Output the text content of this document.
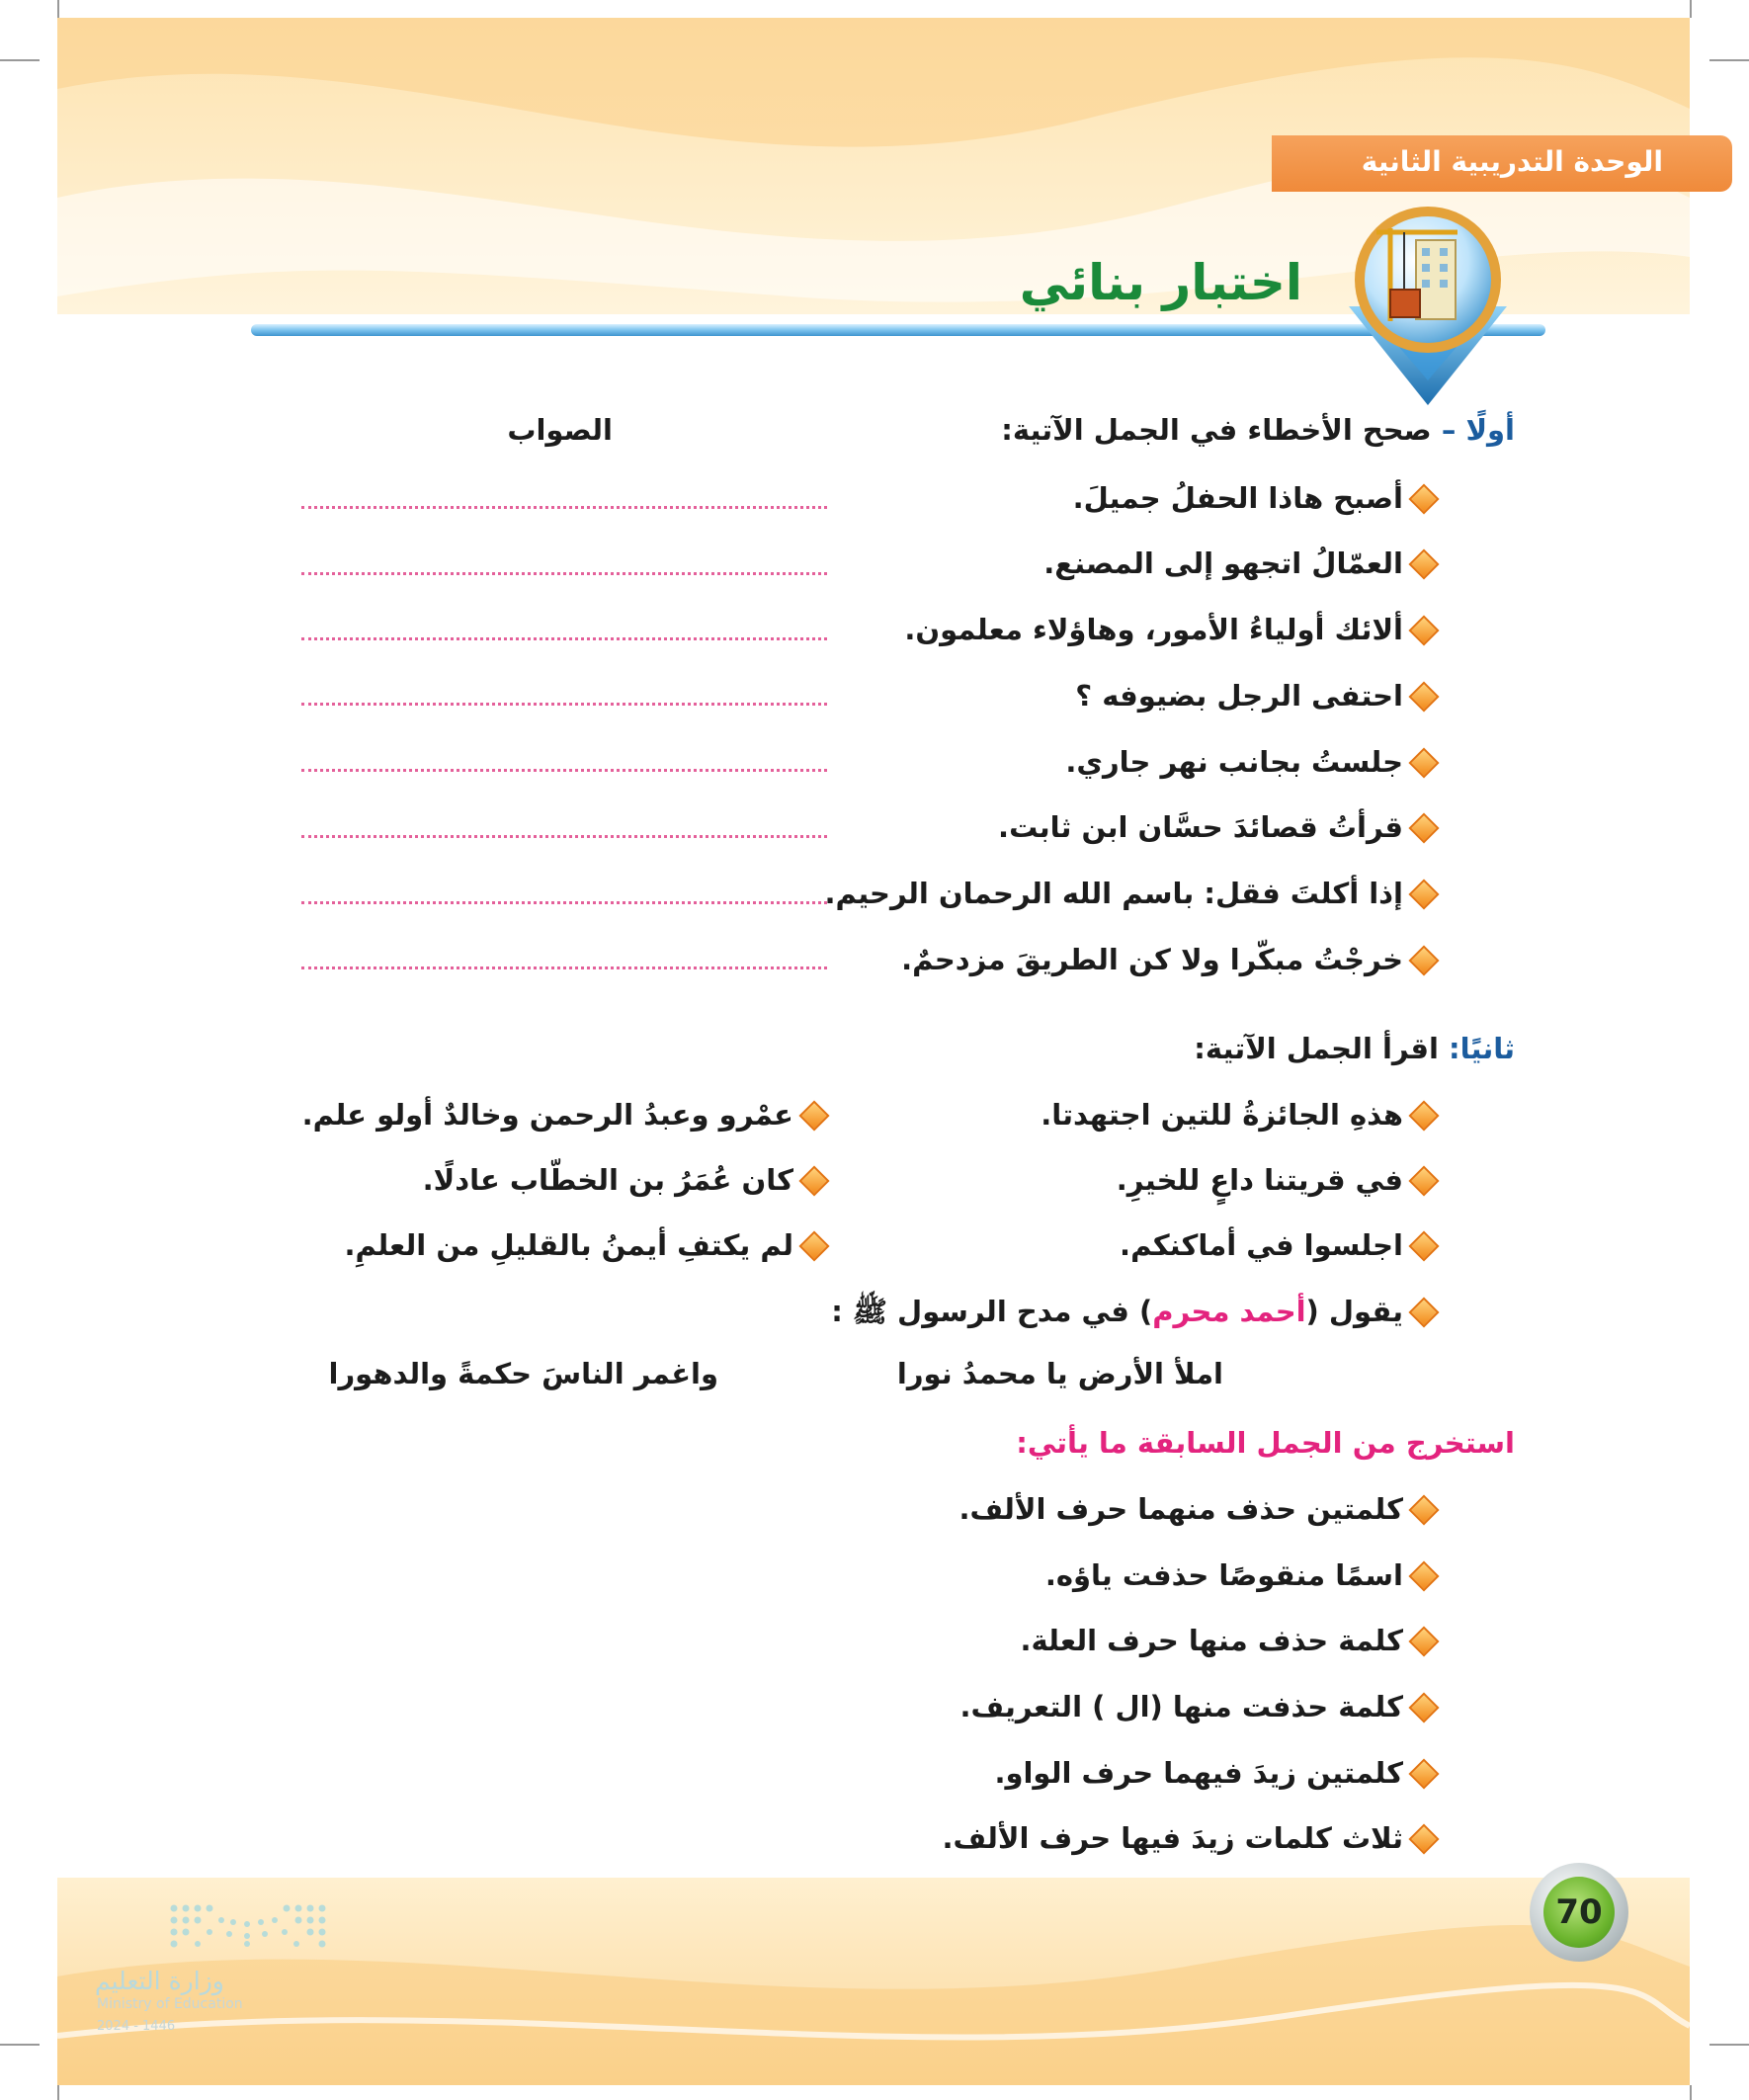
الوحدة التدريبية الثانية
اختبار بنائي
أولًا – صحح الأخطاء في الجمل الآتية:
الصواب
أصبح هاذا الحفلُ جميلَ.
العمّالُ اتجهو إلى المصنع.
ألائك أولياءُ الأمور، وهاؤلاء معلمون.
احتفى الرجل بضيوفه ؟
جلستُ بجانب نهر جاري.
قرأتُ قصائدَ حسَّان ابن ثابت.
إذا أكلتَ فقل: باسم الله الرحمان الرحيم.
خرجْتُ مبكّرا ولا كن الطريقَ مزدحمٌ.
ثانيًا: اقرأ الجمل الآتية:
هذهِ الجائزةُ للتين اجتهدتا.
عمْرو وعبدُ الرحمن وخالدٌ أولو علم.
في قريتنا داعٍ للخيرِ.
كان عُمَرُ بن الخطّاب عادلًا.
اجلسوا في أماكنكم.
لم يكتفِ أيمنُ بالقليلِ من العلمِ.
يقول (أحمد محرم) في مدح الرسول ﷺ :
املأ الأرض يا محمدُ نورا
واغمر الناسَ حكمةً والدهورا
استخرج من الجمل السابقة ما يأتي:
كلمتين حذف منهما حرف الألف.
اسمًا منقوصًا حذفت ياؤه.
كلمة حذف منها حرف العلة.
كلمة حذفت منها (ال ) التعريف.
كلمتين زيدَ فيهما حرف الواو.
ثلاث كلمات زيدَ فيها حرف الألف.
70
وزارة التعليم
Ministry of Education
2024 - 1446
